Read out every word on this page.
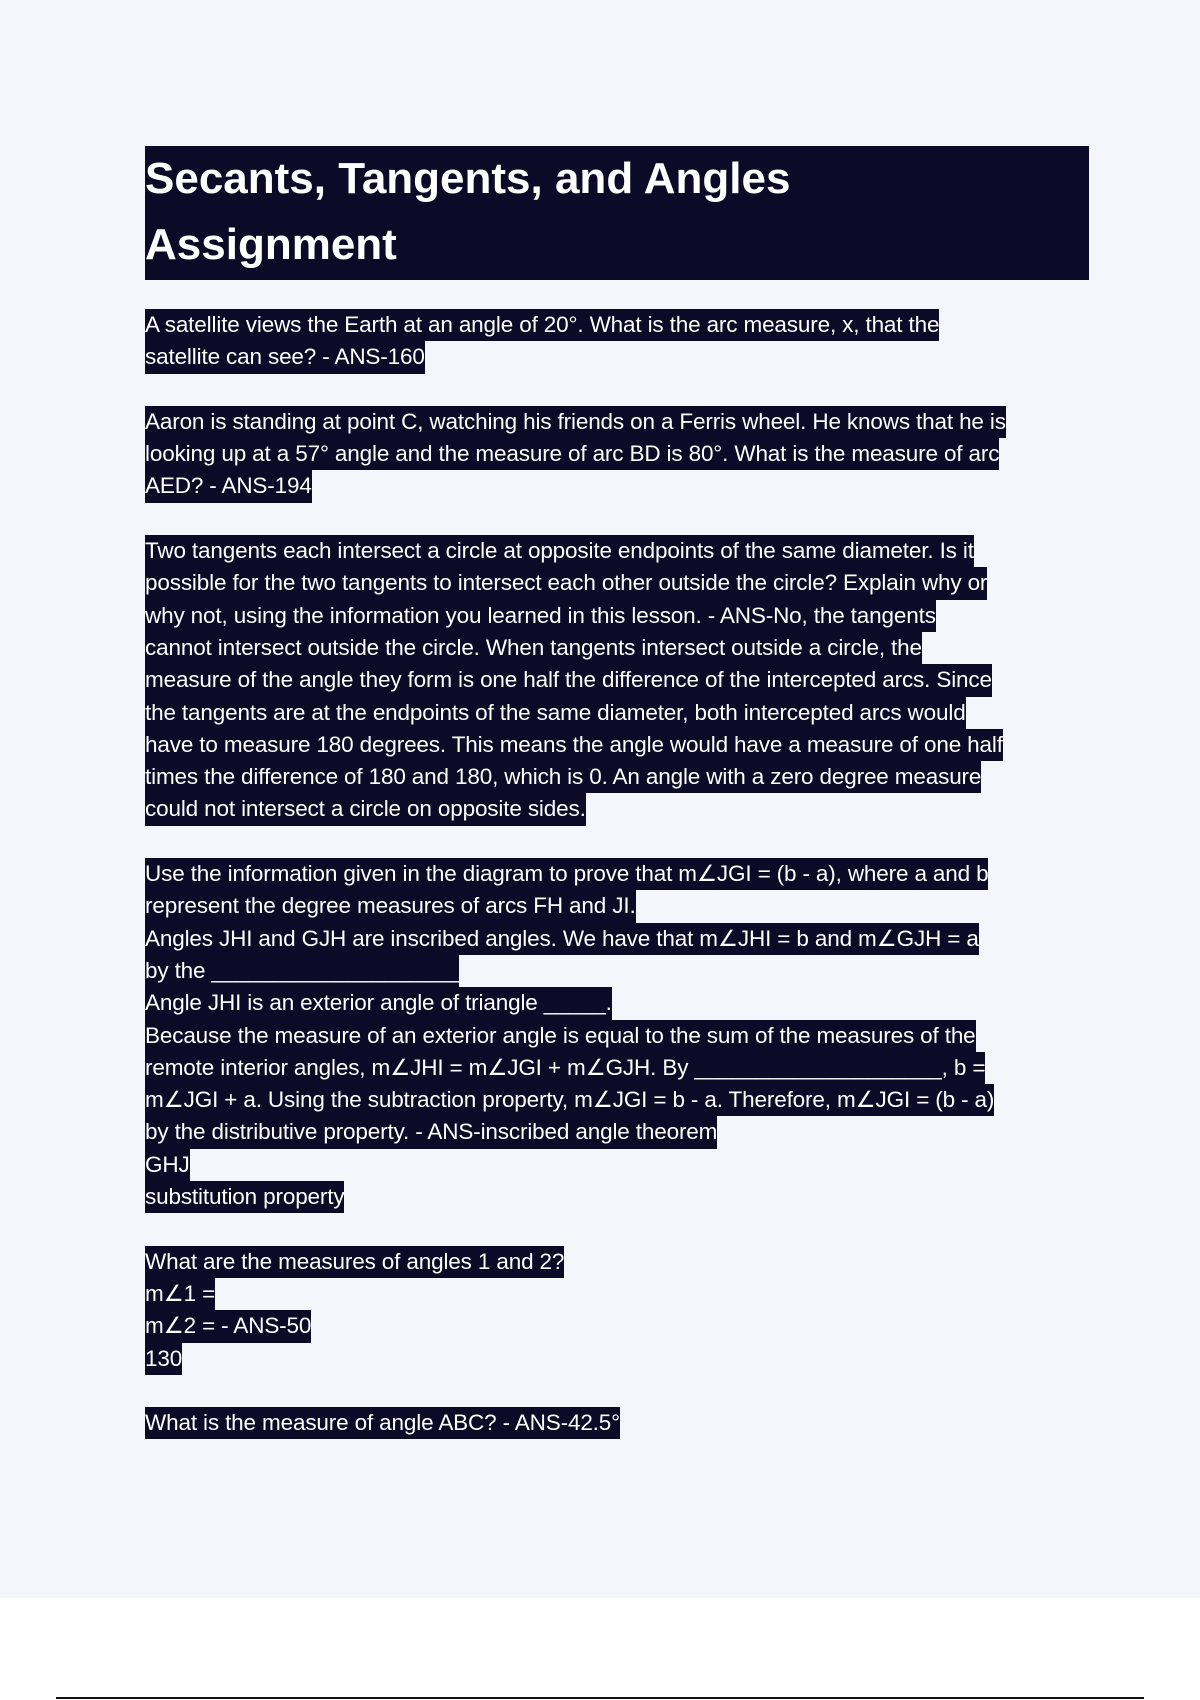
Secants, Tangents, and Angles
Assignment
A satellite views the Earth at an angle of 20°. What is the arc measure, x, that the
satellite can see? - ANS-160
Aaron is standing at point C, watching his friends on a Ferris wheel. He knows that he is
looking up at a 57° angle and the measure of arc BD is 80°. What is the measure of arc
AED? - ANS-194
Two tangents each intersect a circle at opposite endpoints of the same diameter. Is it
possible for the two tangents to intersect each other outside the circle? Explain why or
why not, using the information you learned in this lesson. - ANS-No, the tangents
cannot intersect outside the circle. When tangents intersect outside a circle, the
measure of the angle they form is one half the difference of the intercepted arcs. Since
the tangents are at the endpoints of the same diameter, both intercepted arcs would
have to measure 180 degrees. This means the angle would have a measure of one half
times the difference of 180 and 180, which is 0. An angle with a zero degree measure
could not intersect a circle on opposite sides.
Use the information given in the diagram to prove that m∠JGI = (b - a), where a and b
represent the degree measures of arcs FH and JI.
Angles JHI and GJH are inscribed angles. We have that m∠JHI = b and m∠GJH = a
by the ____________________
Angle JHI is an exterior angle of triangle _____.
Because the measure of an exterior angle is equal to the sum of the measures of the
remote interior angles, m∠JHI = m∠JGI + m∠GJH. By ____________________, b =
m∠JGI + a. Using the subtraction property, m∠JGI = b - a. Therefore, m∠JGI = (b - a)
by the distributive property. - ANS-inscribed angle theorem
GHJ
substitution property
What are the measures of angles 1 and 2?
m∠1 =
m∠2 = - ANS-50
130
What is the measure of angle ABC? - ANS-42.5°
